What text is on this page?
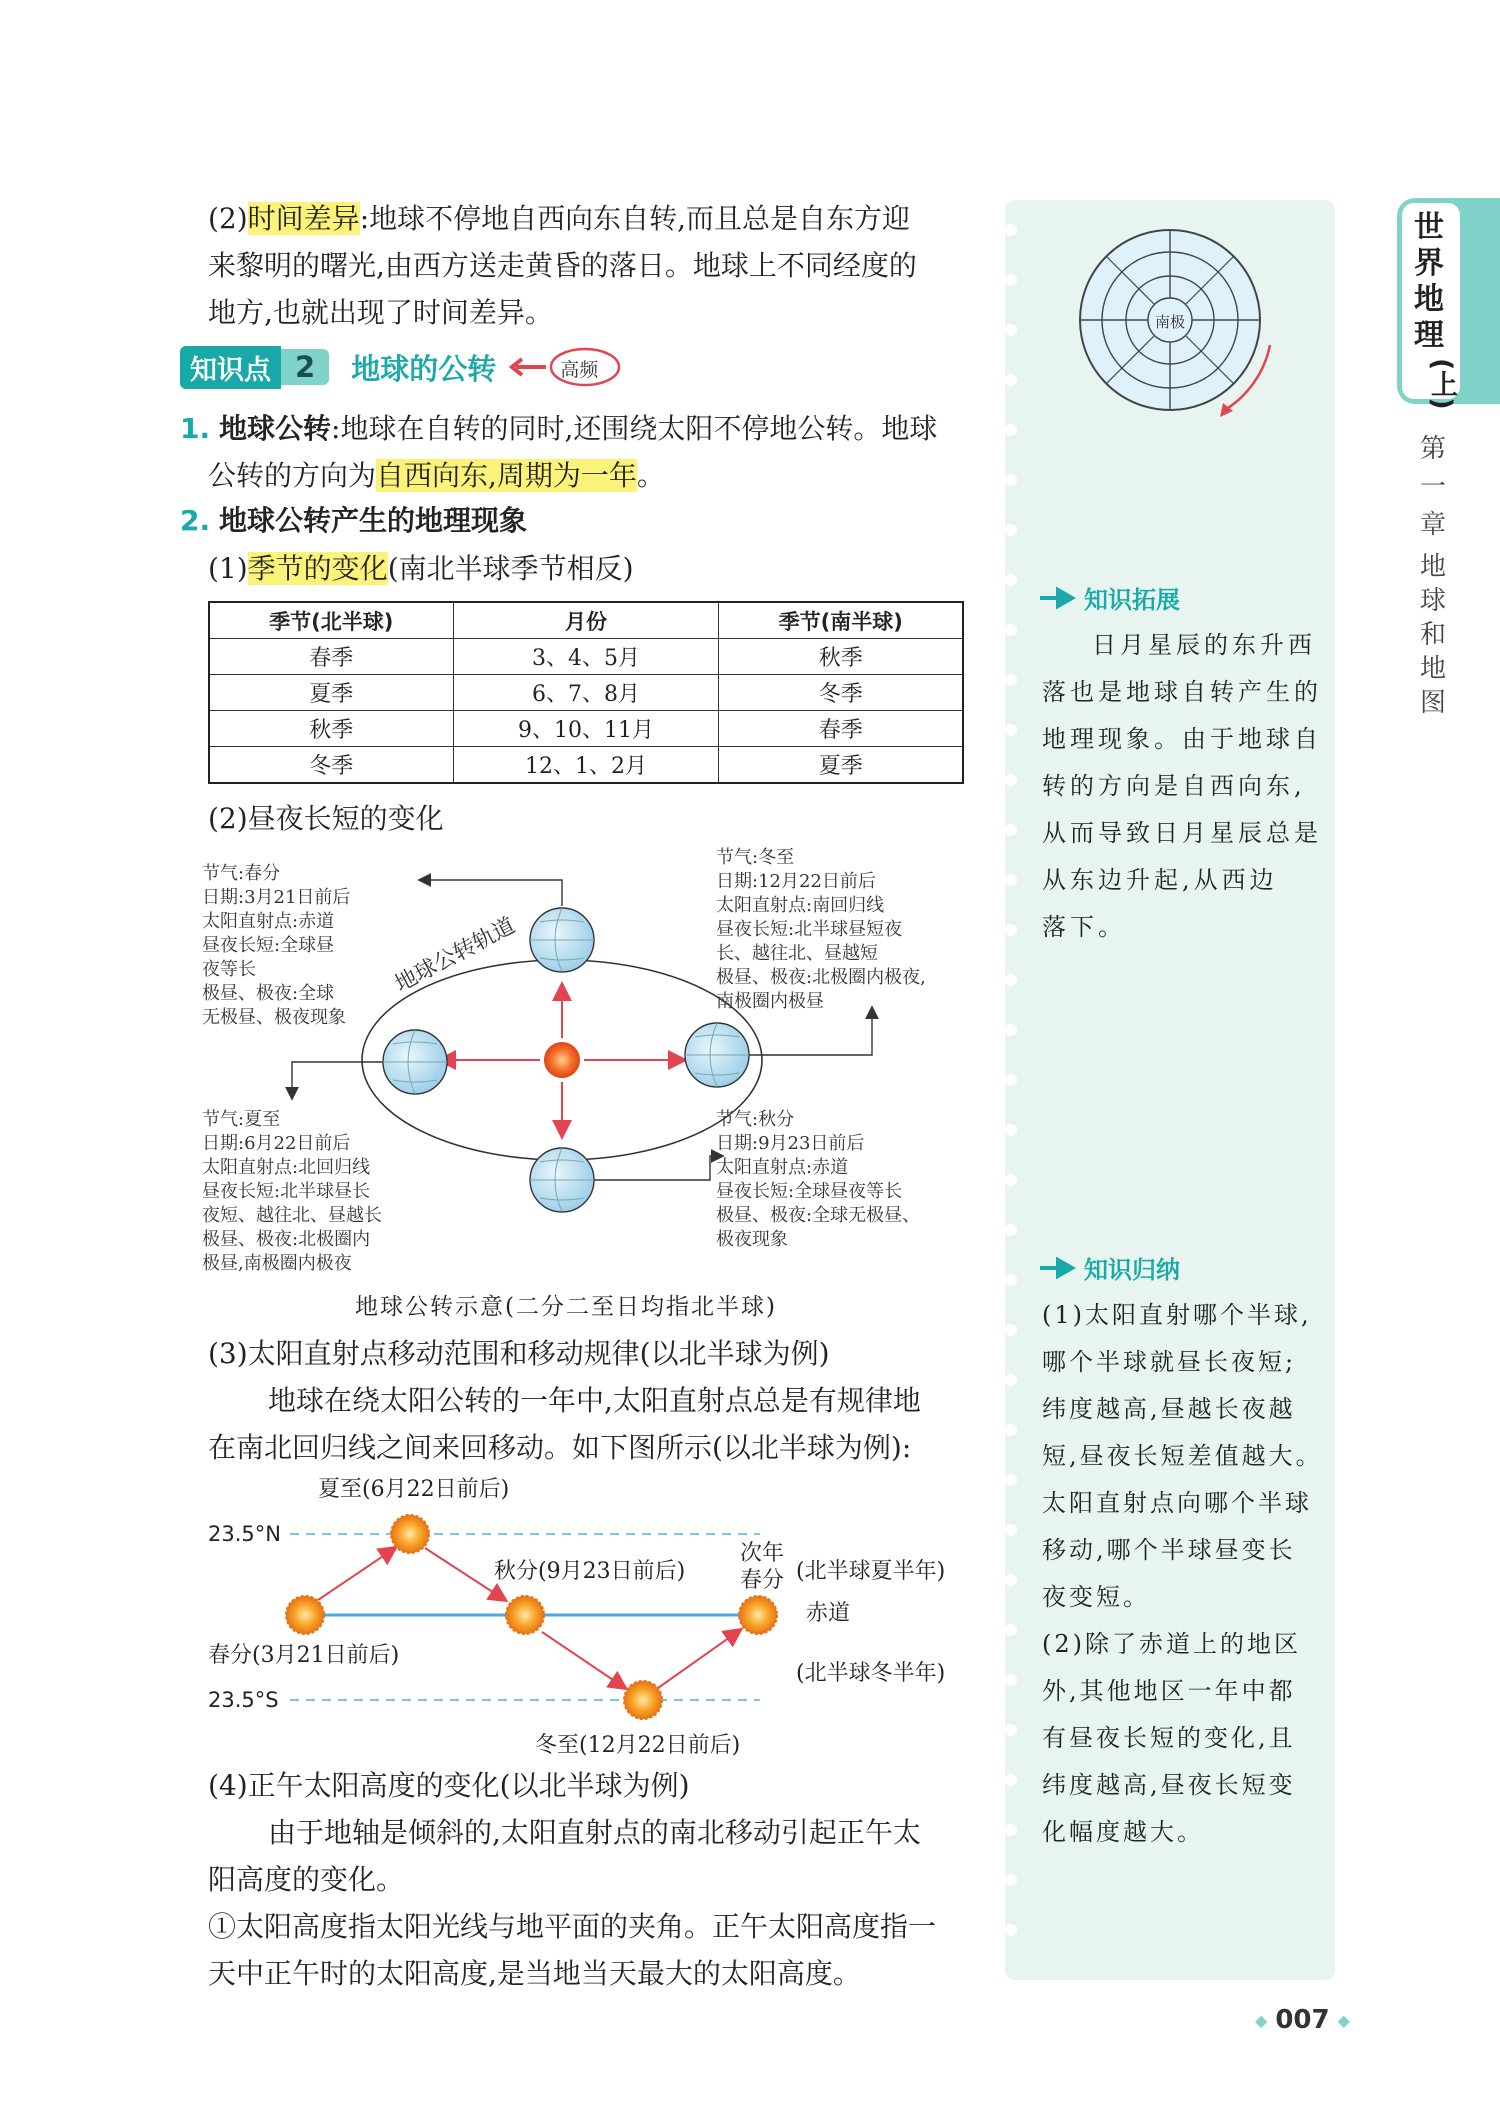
(2)时间差异:地球不停地自西向东自转,而且总是自东方迎
来黎明的曙光,由西方送走黄昏的落日。地球上不同经度的
地方,也就出现了时间差异。
知识点 2	地球的公转	高频
1. 地球公转:地球在自转的同时,还围绕太阳不停地公转。地球
公转的方向为自西向东,周期为一年。
2. 地球公转产生的地理现象
(1)季节的变化(南北半球季节相反)
季节(北半球)	月份	季节(南半球)
春季	3、4、5月	秋季
夏季	6、7、8月	冬季
秋季	9、10、11月	春季
冬季	12、1、2月	夏季
(2)昼夜长短的变化
地球公转轨道
节气:春分
日期:3月21日前后
太阳直射点:赤道
昼夜长短:全球昼
夜等长
极昼、极夜:全球
无极昼、极夜现象
节气:冬至
日期:12月22日前后
太阳直射点:南回归线
昼夜长短:北半球昼短夜
长、越往北、昼越短
极昼、极夜:北极圈内极夜,
南极圈内极昼
节气:夏至
日期:6月22日前后
太阳直射点:北回归线
昼夜长短:北半球昼长
夜短、越往北、昼越长
极昼、极夜:北极圈内
极昼,南极圈内极夜
节气:秋分
日期:9月23日前后
太阳直射点:赤道
昼夜长短:全球昼夜等长
极昼、极夜:全球无极昼、
极夜现象
地球公转示意(二分二至日均指北半球)
(3)太阳直射点移动范围和移动规律(以北半球为例)
地球在绕太阳公转的一年中,太阳直射点总是有规律地
在南北回归线之间来回移动。如下图所示(以北半球为例):
夏至(6月22日前后)
23.5°N
秋分(9月23日前后)
次年
春分 (北半球夏半年)
赤道
春分(3月21日前后)
(北半球冬半年)
23.5°S
冬至(12月22日前后)
(4)正午太阳高度的变化(以北半球为例)
由于地轴是倾斜的,太阳直射点的南北移动引起正午太
阳高度的变化。
①太阳高度指太阳光线与地平面的夹角。正午太阳高度指一
天中正午时的太阳高度,是当地当天最大的太阳高度。
南极
知识拓展
日月星辰的东升西
落也是地球自转产生的
地理现象。由于地球自
转的方向是自西向东,
从而导致日月星辰总是
从东边升起,从西边
落下。
知识归纳
(1)太阳直射哪个半球,
哪个半球就昼长夜短;
纬度越高,昼越长夜越
短,昼夜长短差值越大。
太阳直射点向哪个半球
移动,哪个半球昼变长
夜变短。
(2)除了赤道上的地区
外,其他地区一年中都
有昼夜长短的变化,且
纬度越高,昼夜长短变
化幅度越大。
世界地理
(上)
第一章
地球和地图
◆ 007 ◆
